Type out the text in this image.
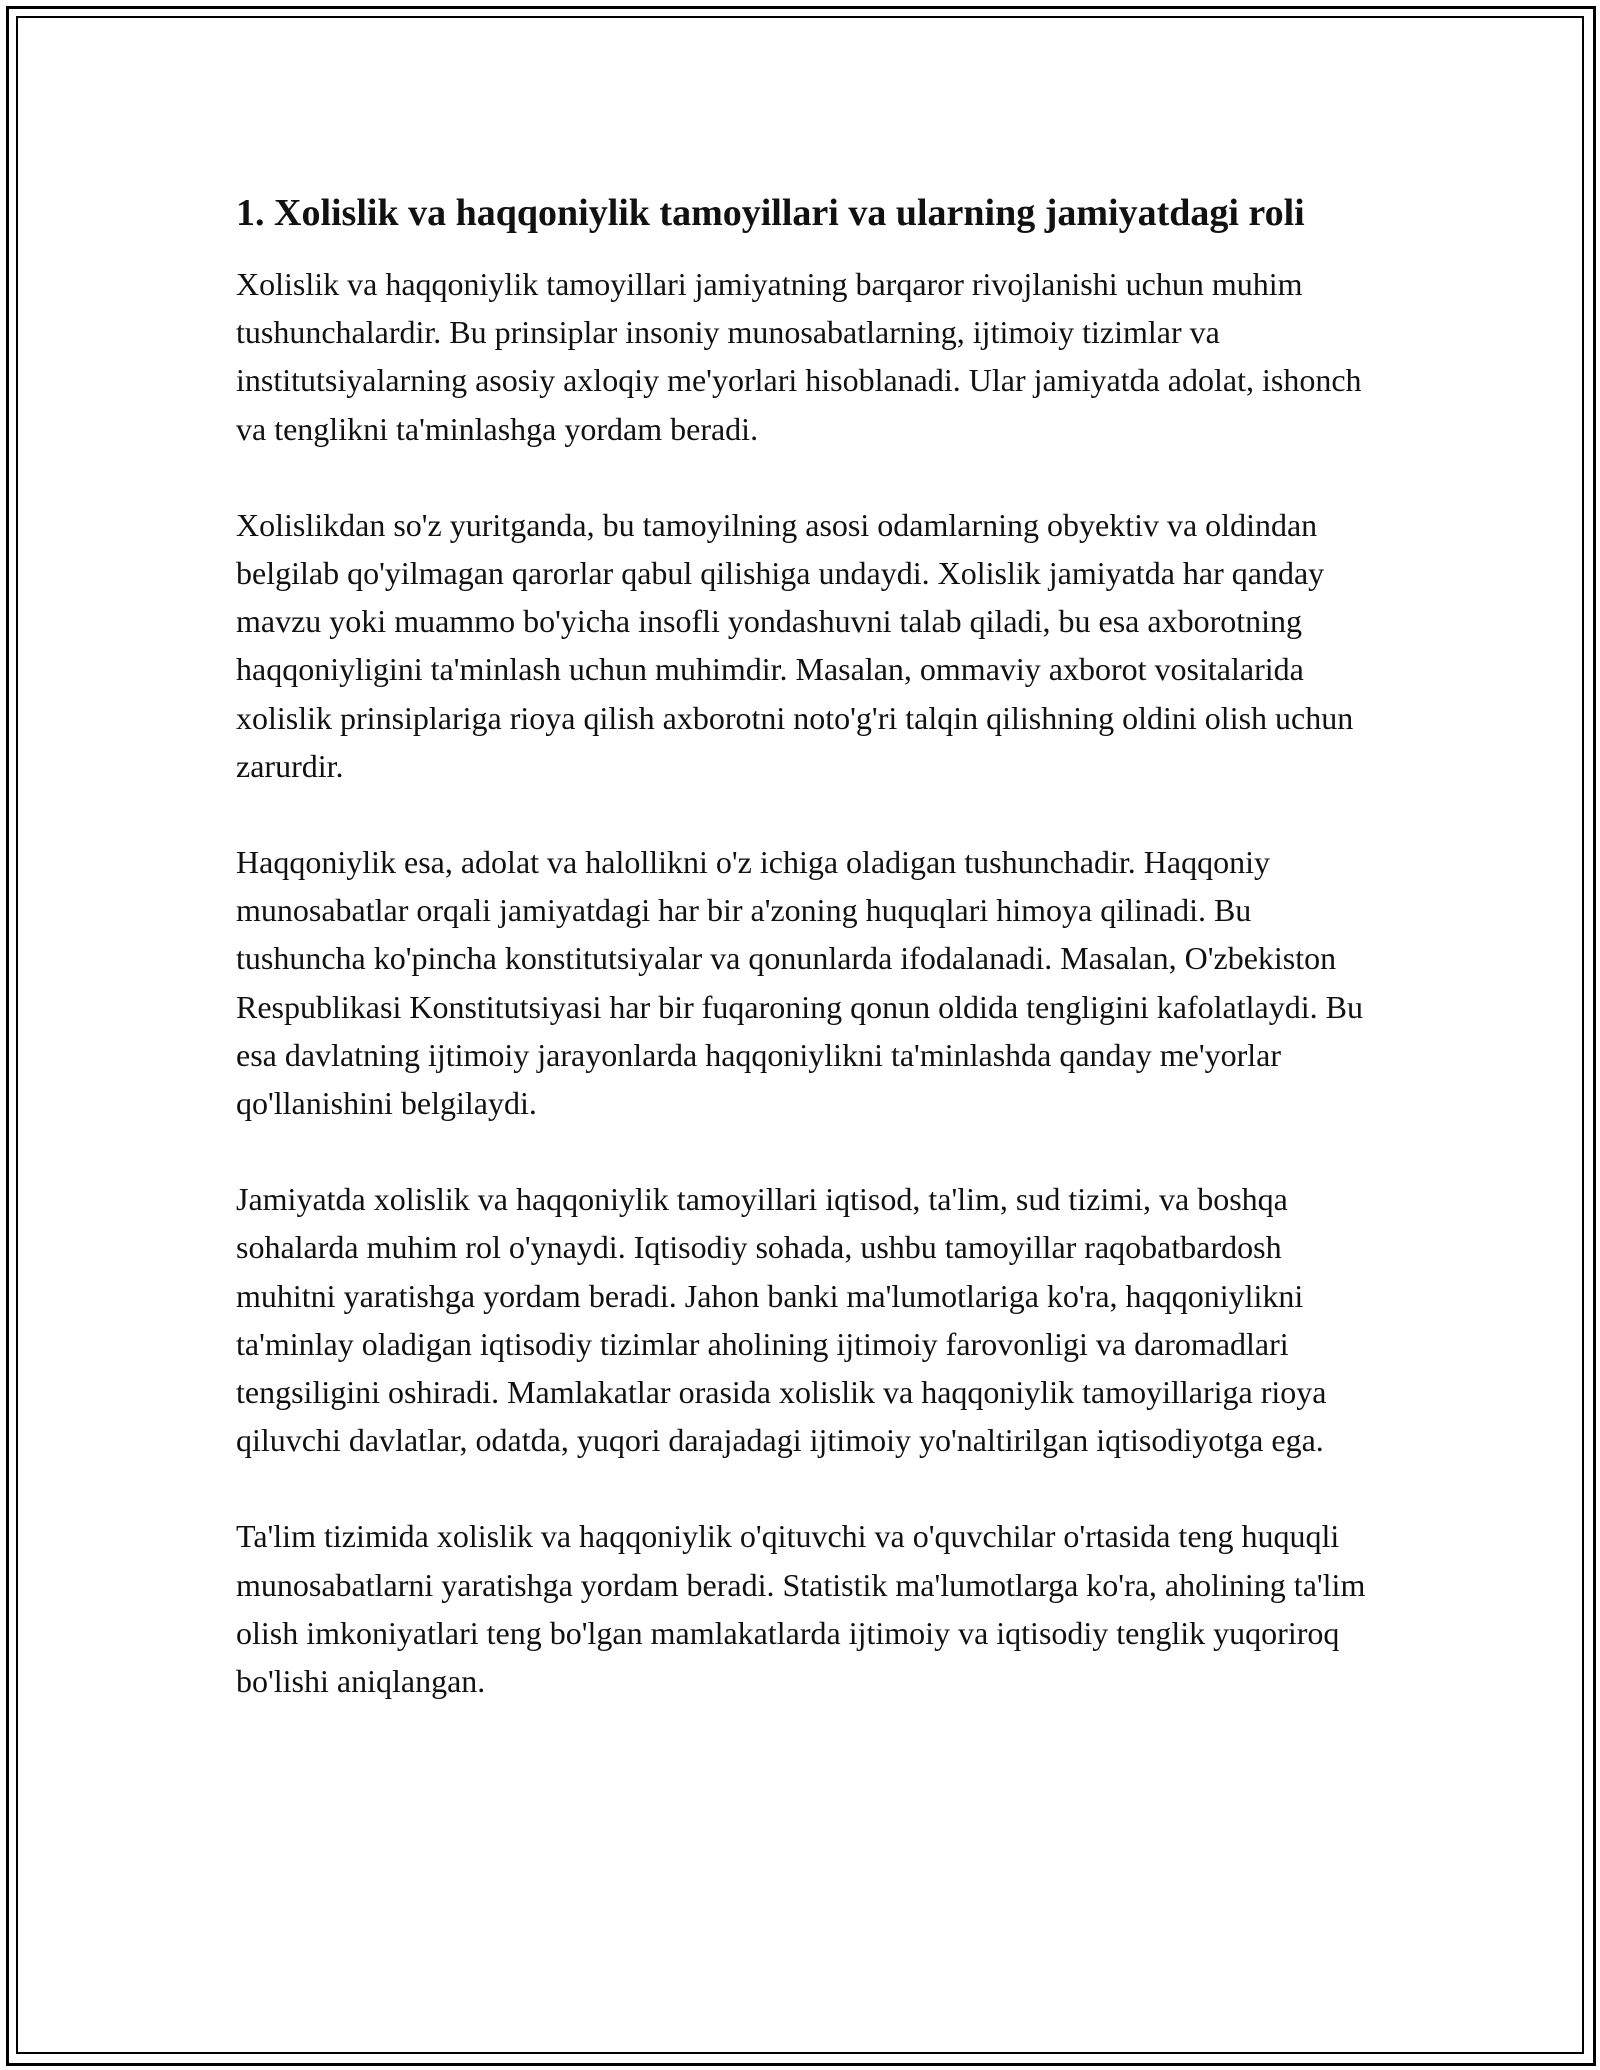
1. Xolislik va haqqoniylik tamoyillari va ularning jamiyatdagi roli

Xolislik va haqqoniylik tamoyillari jamiyatning barqaror rivojlanishi uchun muhim tushunchalardir. Bu prinsiplar insoniy munosabatlarning, ijtimoiy tizimlar va institutsiyalarning asosiy axloqiy me'yorlari hisoblanadi. Ular jamiyatda adolat, ishonch va tenglikni ta'minlashga yordam beradi.

Xolislikdan so'z yuritganda, bu tamoyilning asosi odamlarning obyektiv va oldindan belgilab qo'yilmagan qarorlar qabul qilishiga undaydi. Xolislik jamiyatda har qanday mavzu yoki muammo bo'yicha insofli yondashuvni talab qiladi, bu esa axborotning haqqoniyligini ta'minlash uchun muhimdir. Masalan, ommaviy axborot vositalarida xolislik prinsiplariga rioya qilish axborotni noto'g'ri talqin qilishning oldini olish uchun zarurdir.

Haqqoniylik esa, adolat va halollikni o'z ichiga oladigan tushunchadir. Haqqoniy munosabatlar orqali jamiyatdagi har bir a'zoning huquqlari himoya qilinadi. Bu tushuncha ko'pincha konstitutsiyalar va qonunlarda ifodalanadi. Masalan, O'zbekiston Respublikasi Konstitutsiyasi har bir fuqaroning qonun oldida tengligini kafolatlaydi. Bu esa davlatning ijtimoiy jarayonlarda haqqoniylikni ta'minlashda qanday me'yorlar qo'llanishini belgilaydi.

Jamiyatda xolislik va haqqoniylik tamoyillari iqtisod, ta'lim, sud tizimi, va boshqa sohalarda muhim rol o'ynaydi. Iqtisodiy sohada, ushbu tamoyillar raqobatbardosh muhitni yaratishga yordam beradi. Jahon banki ma'lumotlariga ko'ra, haqqoniylikni ta'minlay oladigan iqtisodiy tizimlar aholining ijtimoiy farovonligi va daromadlari tengsiligini oshiradi. Mamlakatlar orasida xolislik va haqqoniylik tamoyillariga rioya qiluvchi davlatlar, odatda, yuqori darajadagi ijtimoiy yo'naltirilgan iqtisodiyotga ega.

Ta'lim tizimida xolislik va haqqoniylik o'qituvchi va o'quvchilar o'rtasida teng huquqli munosabatlarni yaratishga yordam beradi. Statistik ma'lumotlarga ko'ra, aholining ta'lim olish imkoniyatlari teng bo'lgan mamlakatlarda ijtimoiy va iqtisodiy tenglik yuqoriroq bo'lishi aniqlangan.
